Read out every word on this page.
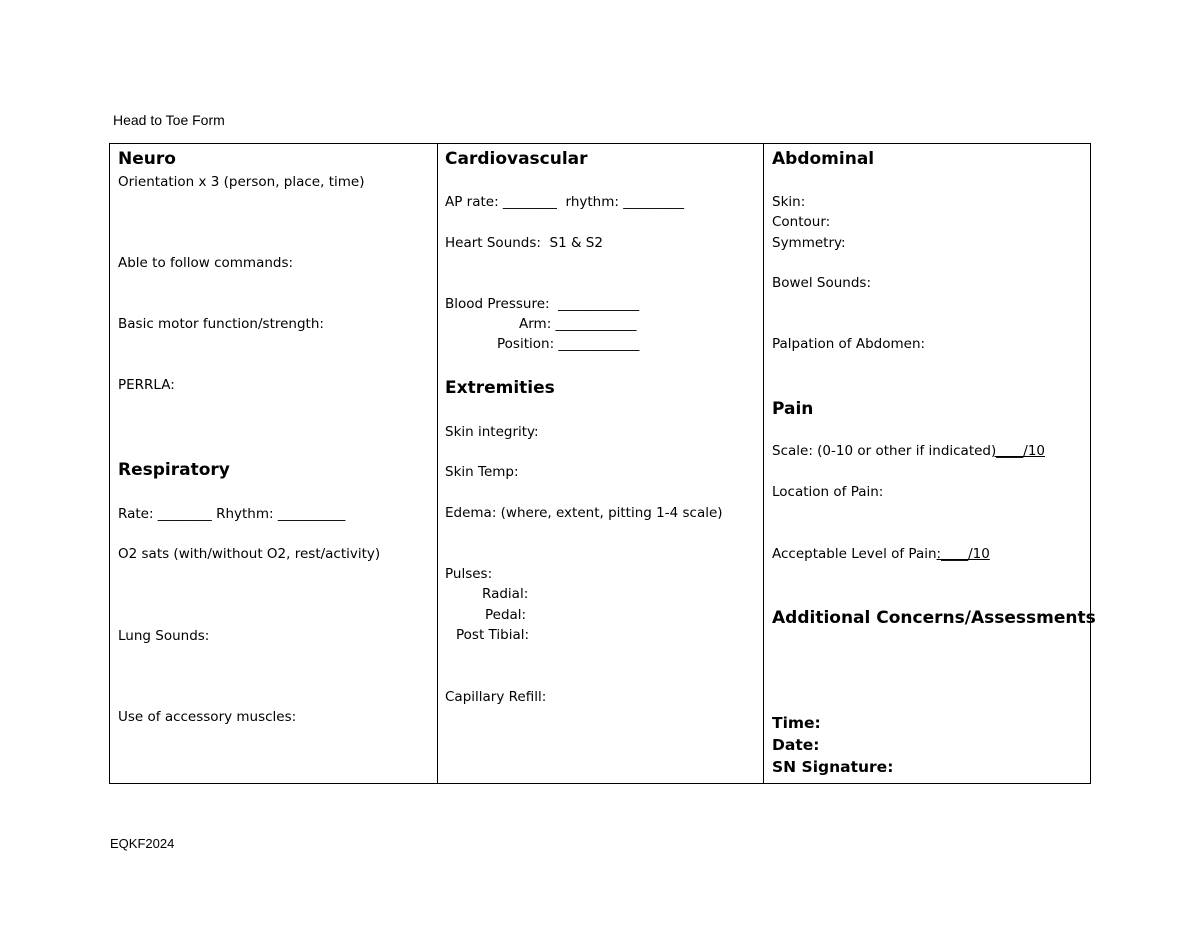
Head to Toe Form
Neuro
Orientation x 3 (person, place, time)
Able to follow commands:
Basic motor function/strength:
PERRLA:
Respiratory
Rate: ________ Rhythm: __________
O2 sats (with/without O2, rest/activity)
Lung Sounds:
Use of accessory muscles:
Cardiovascular
AP rate: ________  rhythm: _________
Heart Sounds:  S1 & S2
Blood Pressure:  ____________
Arm: ____________
Position: ____________
Extremities
Skin integrity:
Skin Temp:
Edema: (where, extent, pitting 1-4 scale)
Pulses:
Radial:
Pedal:
Post Tibial:
Capillary Refill:
Abdominal
Skin:
Contour:
Symmetry:
Bowel Sounds:
Palpation of Abdomen:
Pain
Scale: (0-10 or other if indicated)____/10
Location of Pain:
Acceptable Level of Pain:____/10
Additional Concerns/Assessments
Time:
Date:
SN Signature:
EQKF2024
